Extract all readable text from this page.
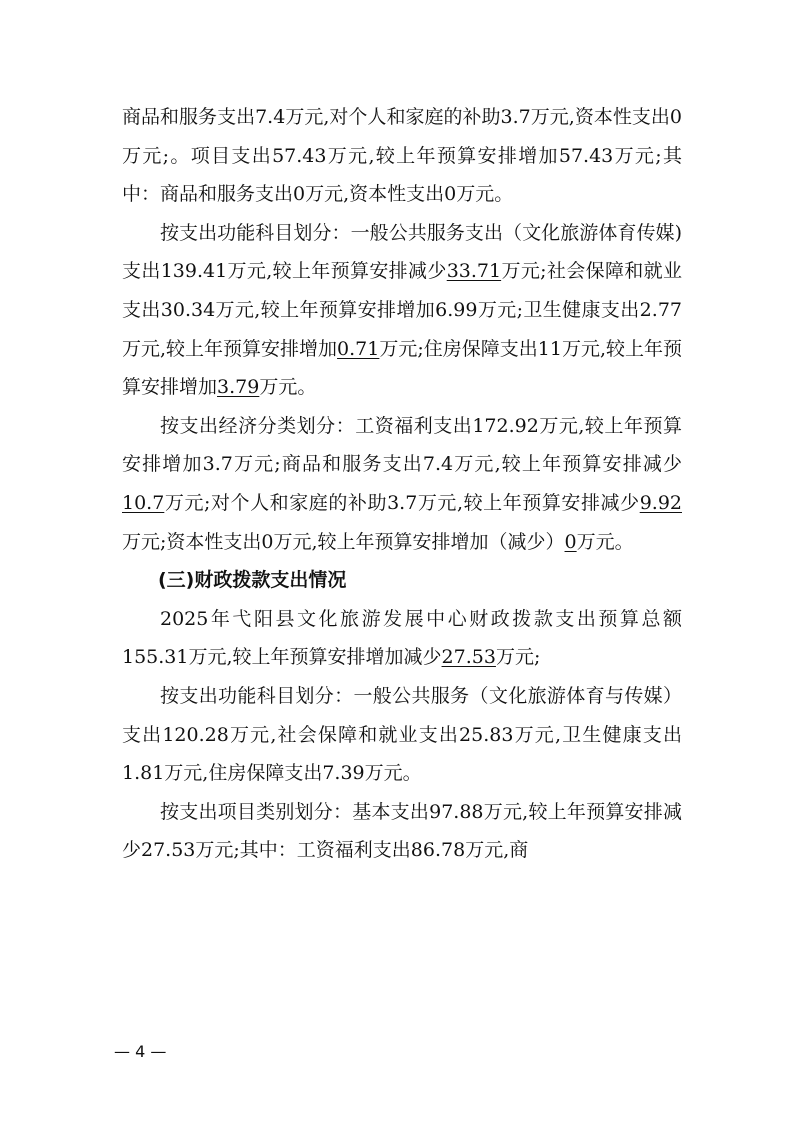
商品和服务支出7.4万元,对个人和家庭的补助3.7万元,资本性支出0万元;。项目支出57.43万元,较上年预算安排增加57.43万元;其中：商品和服务支出0万元,资本性支出0万元。

按支出功能科目划分：一般公共服务支出（文化旅游体育传媒)支出139.41万元,较上年预算安排减少33.71万元;社会保障和就业支出30.34万元,较上年预算安排增加6.99万元;卫生健康支出2.77万元,较上年预算安排增加0.71万元;住房保障支出11万元,较上年预算安排增加3.79万元。

按支出经济分类划分：工资福利支出172.92万元,较上年预算安排增加3.7万元;商品和服务支出7.4万元,较上年预算安排减少10.7万元;对个人和家庭的补助3.7万元,较上年预算安排减少9.92万元;资本性支出0万元,较上年预算安排增加（减少）0万元。

(三)财政拨款支出情况

2025年弋阳县文化旅游发展中心财政拨款支出预算总额155.31万元,较上年预算安排增加减少27.53万元;

按支出功能科目划分：一般公共服务（文化旅游体育与传媒）支出120.28万元,社会保障和就业支出25.83万元,卫生健康支出1.81万元,住房保障支出7.39万元。

按支出项目类别划分：基本支出97.88万元,较上年预算安排减少27.53万元;其中：工资福利支出86.78万元,商

— 4 —
